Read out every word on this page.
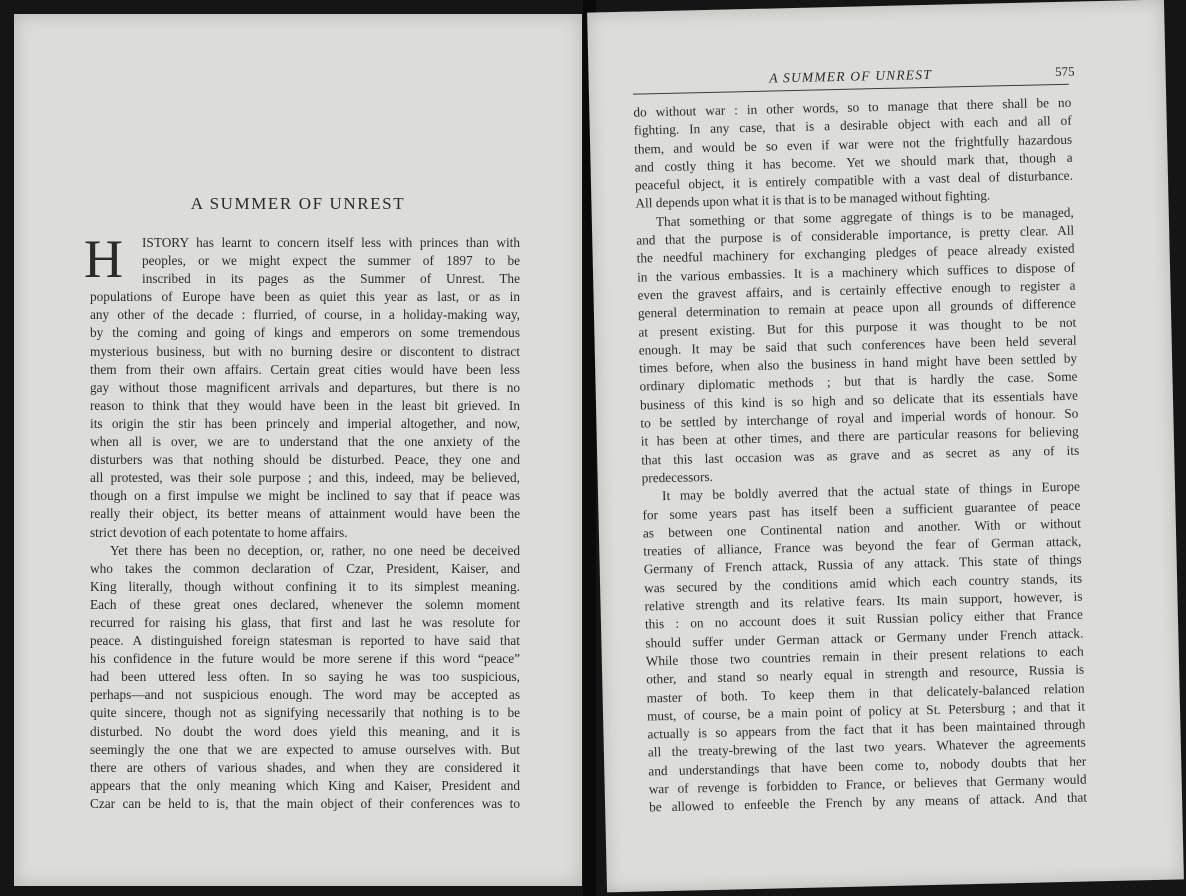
A SUMMER OF UNREST
H	ISTORY has learnt to concern itself less with princes than with
peoples, or we might expect the summer of 1897 to be
inscribed in its pages as the Summer of Unrest. The
populations of Europe have been as quiet this year as last, or as in
any other of the decade : flurried, of course, in a holiday-making way,
by the coming and going of kings and emperors on some tremendous
mysterious business, but with no burning desire or discontent to distract
them from their own affairs. Certain great cities would have been less
gay without those magnificent arrivals and departures, but there is no
reason to think that they would have been in the least bit grieved. In
its origin the stir has been princely and imperial altogether, and now,
when all is over, we are to understand that the one anxiety of the
disturbers was that nothing should be disturbed. Peace, they one and
all protested, was their sole purpose ; and this, indeed, may be believed,
though on a first impulse we might be inclined to say that if peace was
really their object, its better means of attainment would have been the
strict devotion of each potentate to home affairs.
Yet there has been no deception, or, rather, no one need be deceived
who takes the common declaration of Czar, President, Kaiser, and
King literally, though without confining it to its simplest meaning.
Each of these great ones declared, whenever the solemn moment
recurred for raising his glass, that first and last he was resolute for
peace. A distinguished foreign statesman is reported to have said that
his confidence in the future would be more serene if this word “peace”
had been uttered less often. In so saying he was too suspicious,
perhaps—and not suspicious enough. The word may be accepted as
quite sincere, though not as signifying necessarily that nothing is to be
disturbed. No doubt the word does yield this meaning, and it is
seemingly the one that we are expected to amuse ourselves with. But
there are others of various shades, and when they are considered it
appears that the only meaning which King and Kaiser, President and
Czar can be held to is, that the main object of their conferences was to
A SUMMER OF UNREST	575
do without war : in other words, so to manage that there shall be no
fighting. In any case, that is a desirable object with each and all of
them, and would be so even if war were not the frightfully hazardous
and costly thing it has become. Yet we should mark that, though a
peaceful object, it is entirely compatible with a vast deal of disturbance.
All depends upon what it is that is to be managed without fighting.
That something or that some aggregate of things is to be managed,
and that the purpose is of considerable importance, is pretty clear. All
the needful machinery for exchanging pledges of peace already existed
in the various embassies. It is a machinery which suffices to dispose of
even the gravest affairs, and is certainly effective enough to register a
general determination to remain at peace upon all grounds of difference
at present existing. But for this purpose it was thought to be not
enough. It may be said that such conferences have been held several
times before, when also the business in hand might have been settled by
ordinary diplomatic methods ; but that is hardly the case. Some
business of this kind is so high and so delicate that its essentials have
to be settled by interchange of royal and imperial words of honour. So
it has been at other times, and there are particular reasons for believing
that this last occasion was as grave and as secret as any of its
predecessors.
It may be boldly averred that the actual state of things in Europe
for some years past has itself been a sufficient guarantee of peace
as between one Continental nation and another. With or without
treaties of alliance, France was beyond the fear of German attack,
Germany of French attack, Russia of any attack. This state of things
was secured by the conditions amid which each country stands, its
relative strength and its relative fears. Its main support, however, is
this : on no account does it suit Russian policy either that France
should suffer under German attack or Germany under French attack.
While those two countries remain in their present relations to each
other, and stand so nearly equal in strength and resource, Russia is
master of both. To keep them in that delicately-balanced relation
must, of course, be a main point of policy at St. Petersburg ; and that it
actually is so appears from the fact that it has been maintained through
all the treaty-brewing of the last two years. Whatever the agreements
and understandings that have been come to, nobody doubts that her
war of revenge is forbidden to France, or believes that Germany would
be allowed to enfeeble the French by any means of attack. And that
